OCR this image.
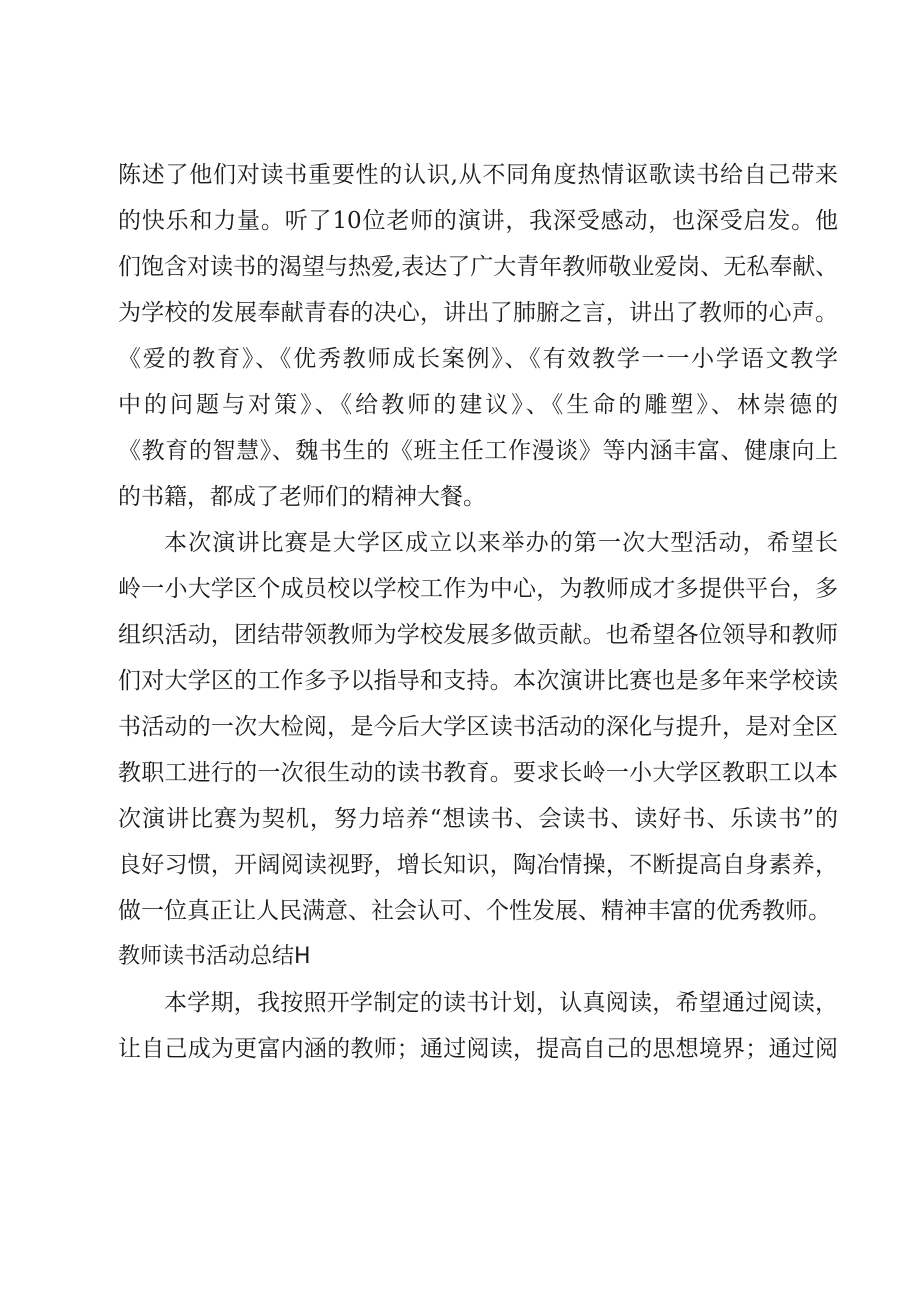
陈述了他们对读书重要性的认识,从不同角度热情讴歌读书给自己带来
的快乐和力量。听了10位老师的演讲，我深受感动，也深受启发。他
们饱含对读书的渴望与热爱,表达了广大青年教师敬业爱岗、无私奉献、
为学校的发展奉献青春的决心，讲出了肺腑之言，讲出了教师的心声。
《爱的教育》、《优秀教师成长案例》、《有效教学一一小学语文教学
中的问题与对策》、《给教师的建议》、《生命的雕塑》、林崇德的
《教育的智慧》、魏书生的《班主任工作漫谈》等内涵丰富、健康向上
的书籍，都成了老师们的精神大餐。
本次演讲比赛是大学区成立以来举办的第一次大型活动，希望长
岭一小大学区个成员校以学校工作为中心，为教师成才多提供平台，多
组织活动，团结带领教师为学校发展多做贡献。也希望各位领导和教师
们对大学区的工作多予以指导和支持。本次演讲比赛也是多年来学校读
书活动的一次大检阅，是今后大学区读书活动的深化与提升，是对全区
教职工进行的一次很生动的读书教育。要求长岭一小大学区教职工以本
次演讲比赛为契机，努力培养“想读书、会读书、读好书、乐读书”的
良好习惯，开阔阅读视野，增长知识，陶冶情操，不断提高自身素养，
做一位真正让人民满意、社会认可、个性发展、精神丰富的优秀教师。
教师读书活动总结H
本学期，我按照开学制定的读书计划，认真阅读，希望通过阅读，
让自己成为更富内涵的教师；通过阅读，提高自己的思想境界；通过阅
